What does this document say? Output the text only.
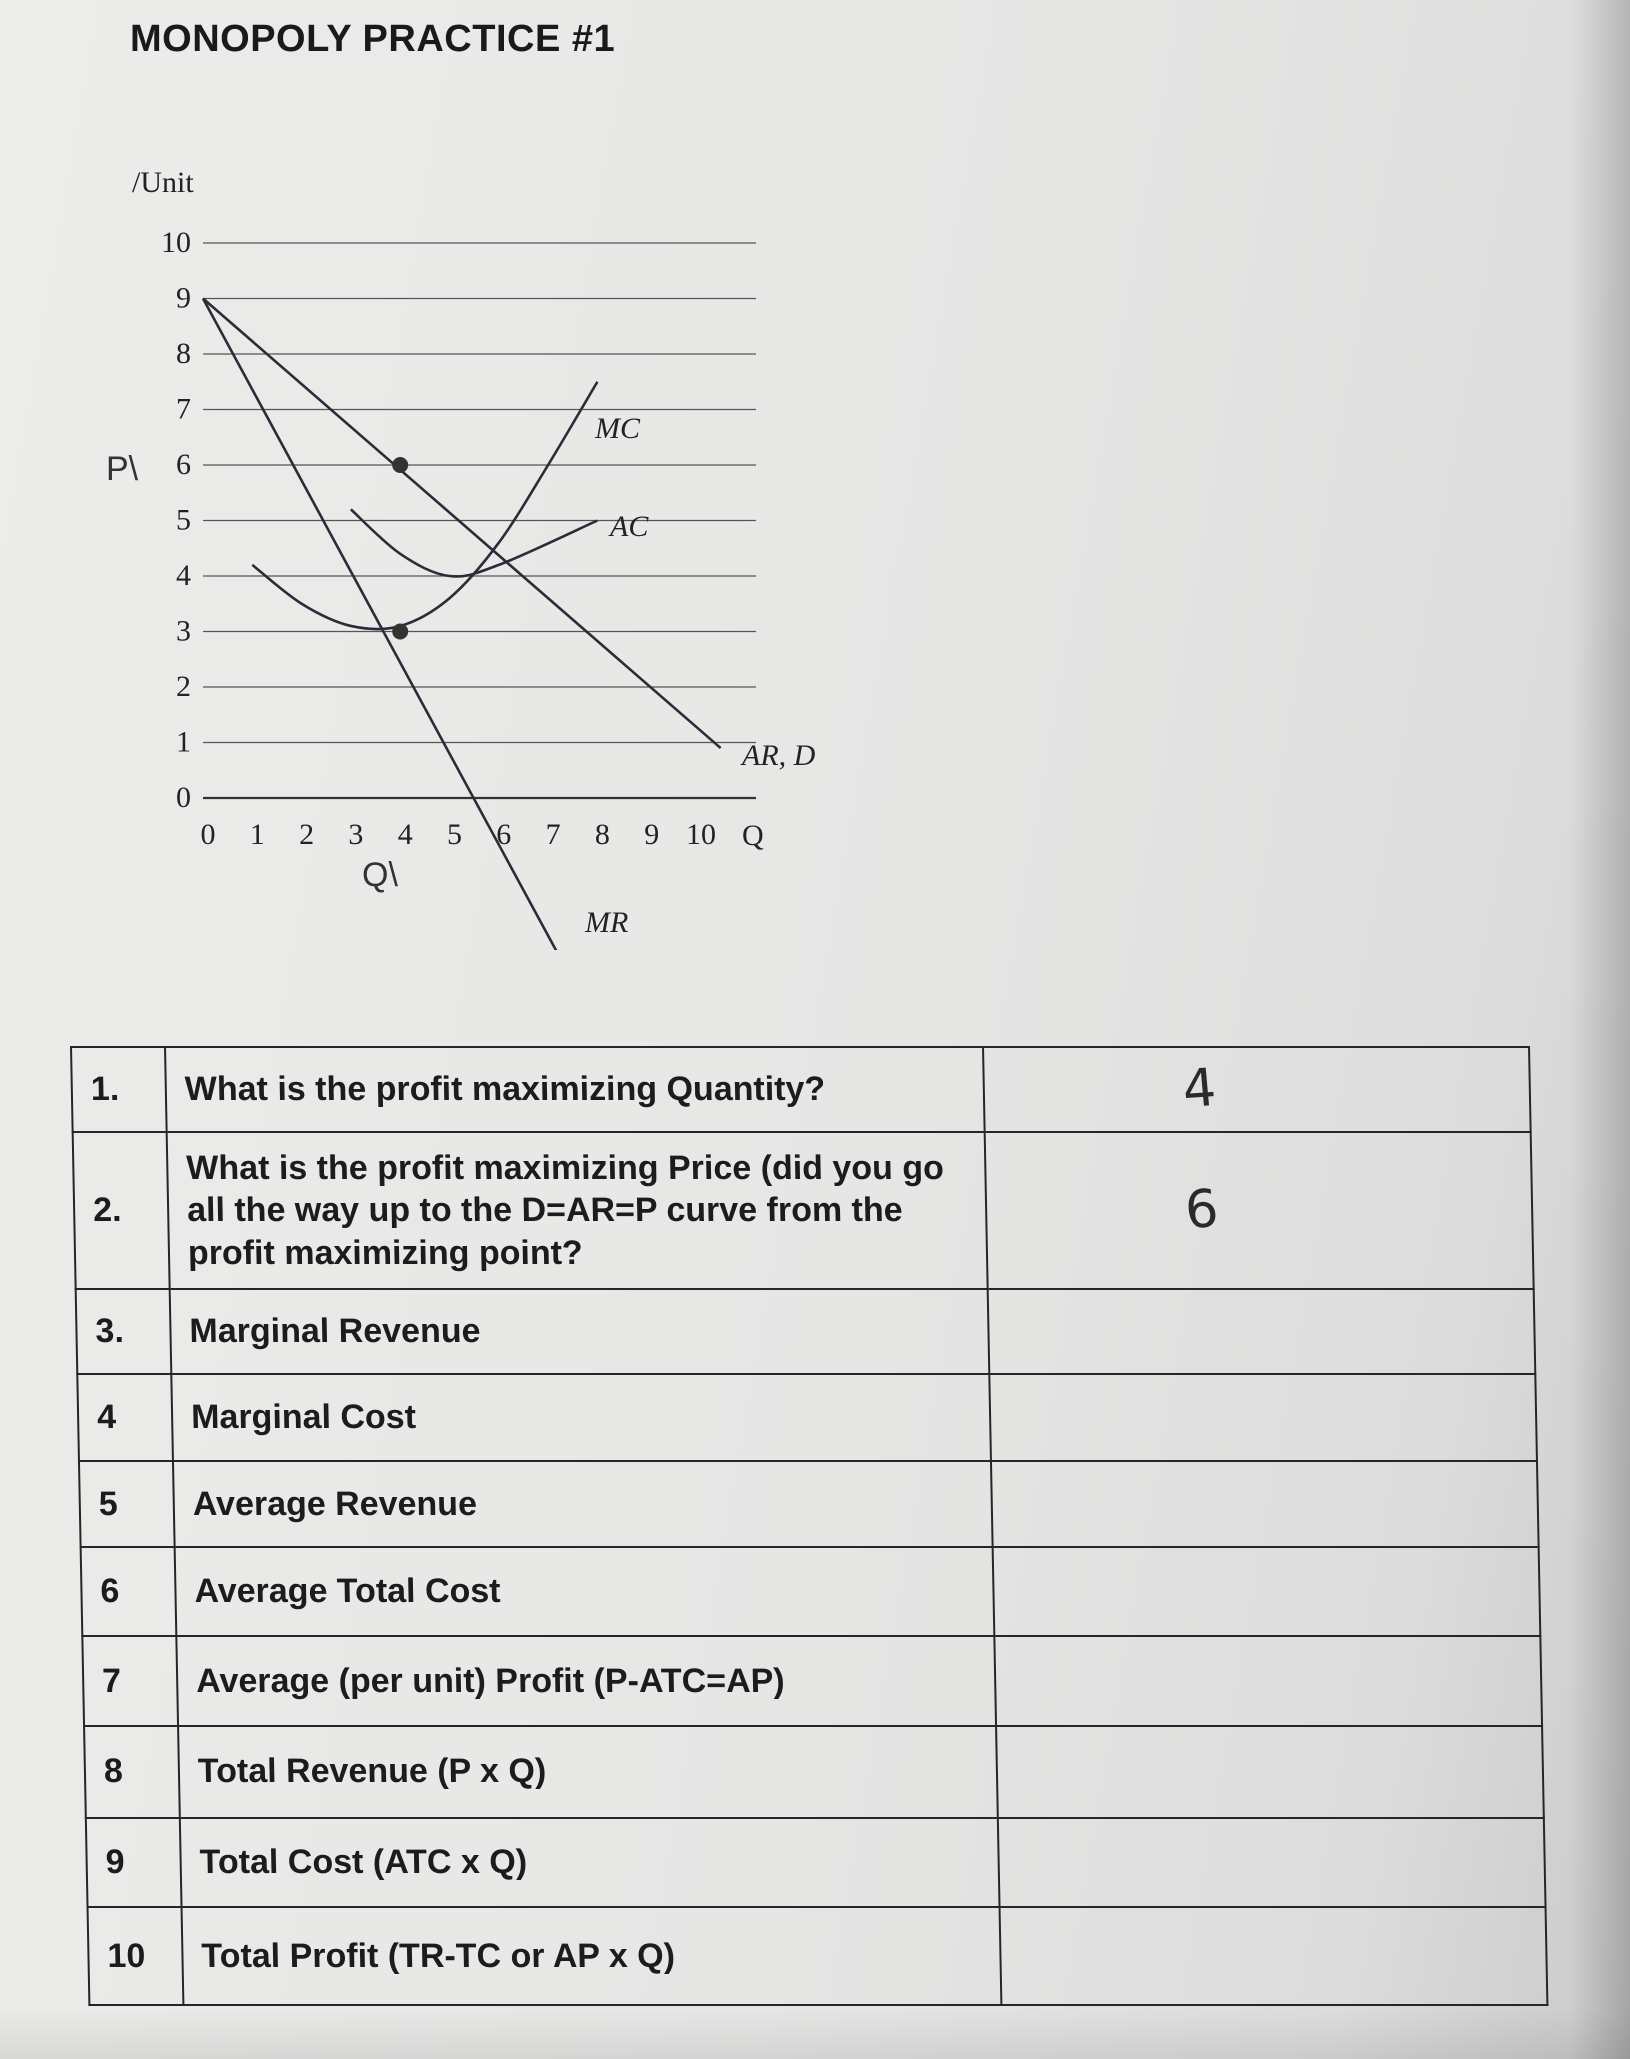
MONOPOLY PRACTICE #1
10
9
8
7
6
5
4
3
2
1
0
0 1 2 3 4 5 6 7 8 9 10
/Unit
Q
MC
AC
AR, D
MR
P\
Q\
1.	What is the profit maximizing Quantity?	4
2.	What is the profit maximizing Price (did you go all the way up to the D=AR=P curve from the profit maximizing point?	6
3.	Marginal Revenue	
4	Marginal Cost	
5	Average Revenue	
6	Average Total Cost	
7	Average (per unit) Profit (P-ATC=AP)	
8	Total Revenue (P x Q)	
9	Total Cost (ATC x Q)	
10	Total Profit (TR-TC or AP x Q)	
